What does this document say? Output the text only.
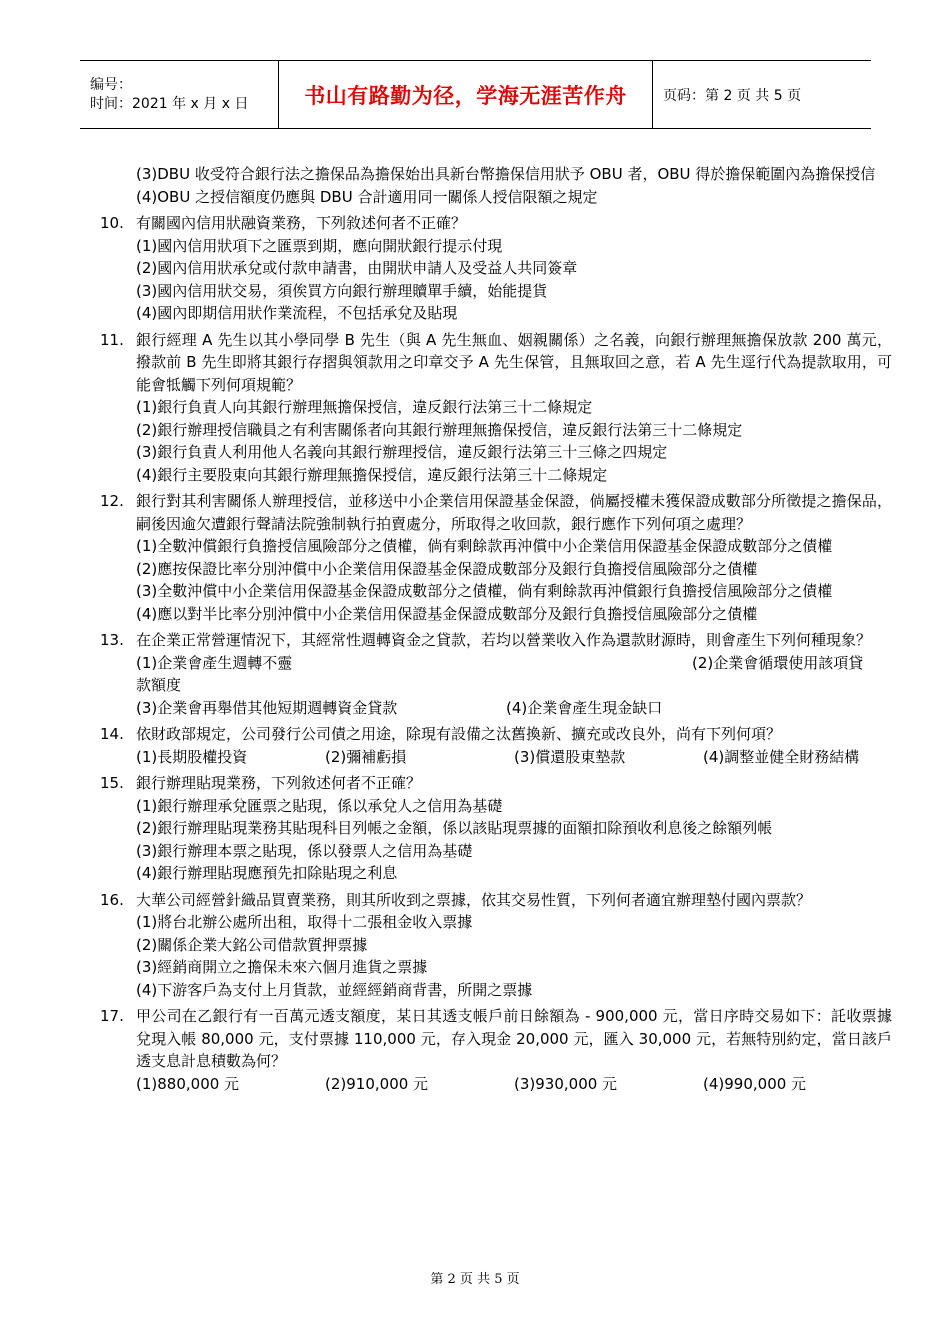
编号：
时间：2021 年 x 月 x 日	书山有路勤为径，学海无涯苦作舟	页码：第 2 页 共 5 页
(3)DBU 收受符合銀行法之擔保品為擔保始出具新台幣擔保信用狀予 OBU 者，OBU 得於擔保範圍內為擔保授信
(4)OBU 之授信額度仍應與 DBU 合計適用同一關係人授信限額之規定
10. 有關國內信用狀融資業務，下列敘述何者不正確？
(1)國內信用狀項下之匯票到期，應向開狀銀行提示付現
(2)國內信用狀承兌或付款申請書，由開狀申請人及受益人共同簽章
(3)國內信用狀交易，須俟買方向銀行辦理贖單手續，始能提貨
(4)國內即期信用狀作業流程，不包括承兌及貼現
11. 銀行經理 A 先生以其小學同學 B 先生（與 A 先生無血、姻親關係）之名義，向銀行辦理無擔保放款 200 萬元，撥款前 B 先生即將其銀行存摺與領款用之印章交予 A 先生保管，且無取回之意，若 A 先生逕行代為提款取用，可能會牴觸下列何項規範？
(1)銀行負責人向其銀行辦理無擔保授信，違反銀行法第三十二條規定
(2)銀行辦理授信職員之有利害關係者向其銀行辦理無擔保授信，違反銀行法第三十二條規定
(3)銀行負責人利用他人名義向其銀行辦理授信，違反銀行法第三十三條之四規定
(4)銀行主要股東向其銀行辦理無擔保授信，違反銀行法第三十二條規定
12. 銀行對其利害關係人辦理授信，並移送中小企業信用保證基金保證，倘屬授權未獲保證成數部分所徵提之擔保品，嗣後因逾欠遭銀行聲請法院強制執行拍賣處分，所取得之收回款，銀行應作下列何項之處理？
(1)全數沖償銀行負擔授信風險部分之債權，倘有剩餘款再沖償中小企業信用保證基金保證成數部分之債權
(2)應按保證比率分別沖償中小企業信用保證基金保證成數部分及銀行負擔授信風險部分之債權
(3)全數沖償中小企業信用保證基金保證成數部分之債權，倘有剩餘款再沖償銀行負擔授信風險部分之債權
(4)應以對半比率分別沖償中小企業信用保證基金保證成數部分及銀行負擔授信風險部分之債權
13. 在企業正常營運情況下，其經常性週轉資金之貸款，若均以營業收入作為還款財源時，則會產生下列何種現象？
(1)企業會產生週轉不靈	(2)企業會循環使用該項貸
款額度
(3)企業會再舉借其他短期週轉資金貸款	(4)企業會產生現金缺口
14. 依財政部規定，公司發行公司債之用途，除現有設備之汰舊換新、擴充或改良外，尚有下列何項？
(1)長期股權投資	(2)彌補虧損	(3)償還股東墊款	(4)調整並健全財務結構
15. 銀行辦理貼現業務，下列敘述何者不正確？
(1)銀行辦理承兌匯票之貼現，係以承兌人之信用為基礎
(2)銀行辦理貼現業務其貼現科目列帳之金額，係以該貼現票據的面額扣除預收利息後之餘額列帳
(3)銀行辦理本票之貼現，係以發票人之信用為基礎
(4)銀行辦理貼現應預先扣除貼現之利息
16. 大華公司經營針織品買賣業務，則其所收到之票據，依其交易性質，下列何者適宜辦理墊付國內票款？
(1)將台北辦公處所出租，取得十二張租金收入票據
(2)關係企業大銘公司借款質押票據
(3)經銷商開立之擔保未來六個月進貨之票據
(4)下游客戶為支付上月貨款，並經經銷商背書，所開之票據
17. 甲公司在乙銀行有一百萬元透支額度，某日其透支帳戶前日餘額為 - 900,000 元，當日序時交易如下：託收票據兌現入帳 80,000 元，支付票據 110,000 元，存入現金 20,000 元，匯入 30,000 元，若無特別約定，當日該戶透支息計息積數為何？
(1)880,000 元	(2)910,000 元	(3)930,000 元	(4)990,000 元
第 2 页 共 5 页
